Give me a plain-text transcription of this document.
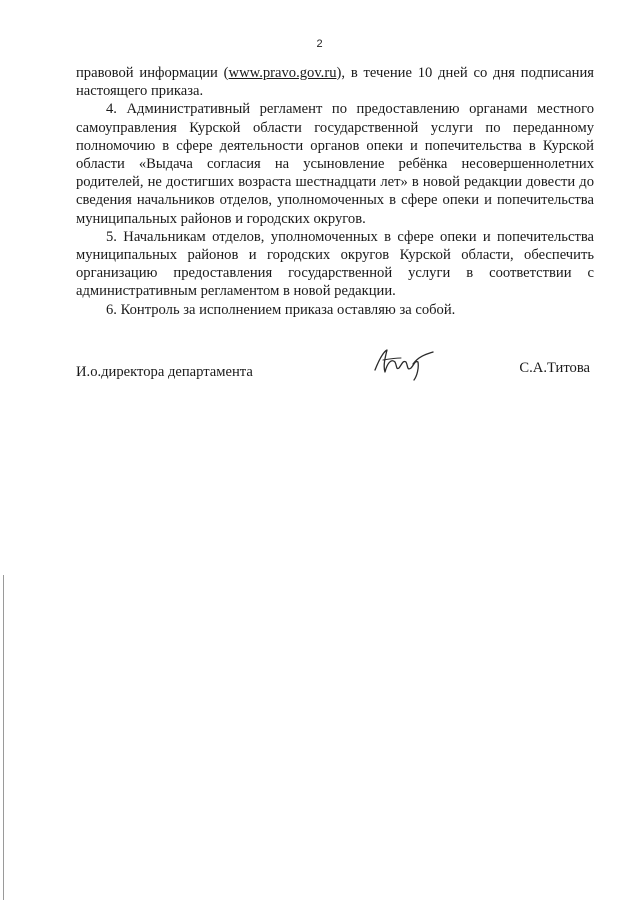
2

правовой информации (www.pravo.gov.ru), в течение 10 дней со дня подписания настоящего приказа.

4. Административный регламент по предоставлению органами местного самоуправления Курской области государственной услуги по переданному полномочию в сфере деятельности органов опеки и попечительства в Курской области «Выдача согласия на усыновление ребёнка несовершеннолетних родителей, не достигших возраста шестнадцати лет» в новой редакции довести до сведения начальников отделов, уполномоченных в сфере опеки и попечительства муниципальных районов и городских округов.

5. Начальникам отделов, уполномоченных в сфере опеки и попечительства муниципальных районов и городских округов Курской области, обеспечить организацию предоставления государственной услуги в соответствии с административным регламентом в новой редакции.

6. Контроль за исполнением приказа оставляю за собой.

И.о.директора департамента	С.А.Титова
